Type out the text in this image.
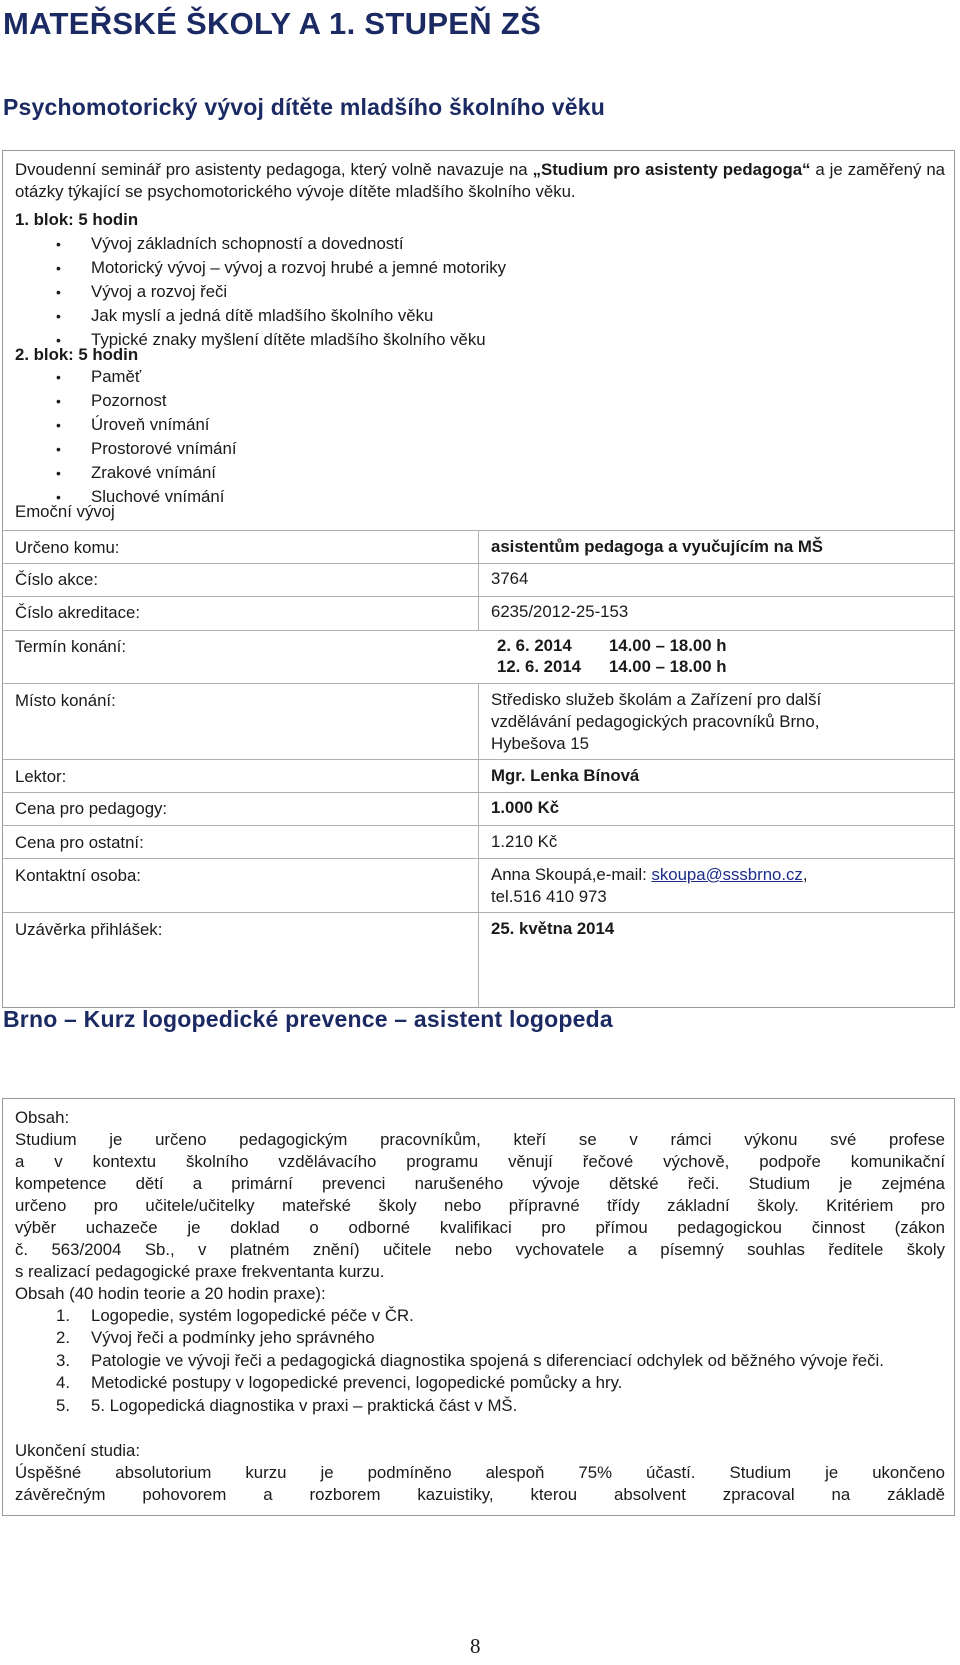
MATEŘSKÉ ŠKOLY A 1. STUPEŇ ZŠ
Psychomotorický vývoj dítěte mladšího školního věku

Dvoudenní seminář pro asistenty pedagoga, který volně navazuje na „Studium pro asistenty pedagoga“ a je zaměřený na otázky týkající se psychomotorického vývoje dítěte mladšího školního věku.

1. blok: 5 hodin
• Vývoj základních schopností a dovedností
• Motorický vývoj – vývoj a rozvoj hrubé a jemné motoriky
• Vývoj a rozvoj řeči
• Jak myslí a jedná dítě mladšího školního věku
• Typické znaky myšlení dítěte mladšího školního věku
2. blok: 5 hodin
• Paměť
• Pozornost
• Úroveň vnímání
• Prostorové vnímání
• Zrakové vnímání
• Sluchové vnímání
Emoční vývoj
Určeno komu:	asistentům pedagoga a vyučujícím na MŠ
Číslo akce:	3764
Číslo akreditace:	6235/2012-25-153
Termín konání:	2. 6. 2014        14.00 – 18.00 h
12. 6. 2014      14.00 – 18.00 h
Místo konání:	Středisko služeb školám a Zařízení pro další
vzdělávání pedagogických pracovníků Brno,
Hybešova 15
Lektor:	Mgr. Lenka Bínová
Cena pro pedagogy:	1.000 Kč
Cena pro ostatní:	1.210 Kč
Kontaktní osoba:	Anna Skoupá,e-mail: skoupa@sssbrno.cz,
tel.516 410 973
Uzávěrka přihlášek:	25. května 2014
Brno – Kurz logopedické prevence – asistent logopeda

Obsah:

Studium je určeno pedagogickým pracovníkům, kteří se v rámci výkonu své profese

a v kontextu školního vzdělávacího programu věnují řečové výchově, podpoře komunikační

kompetence dětí a primární prevenci narušeného vývoje dětské řeči. Studium je zejména

určeno pro učitele/učitelky mateřské školy nebo přípravné třídy základní školy. Kritériem pro

výběr uchazeče je doklad o odborné kvalifikaci pro přímou pedagogickou činnost (zákon

č. 563/2004 Sb., v platném znění) učitele nebo vychovatele a písemný souhlas ředitele školy

s realizací pedagogické praxe frekventanta kurzu.

Obsah (40 hodin teorie a 20 hodin praxe):

1. Logopedie, systém logopedické péče v ČR.
2. Vývoj řeči a podmínky jeho správného
3. Patologie ve vývoji řeči a pedagogická diagnostika spojená s diferenciací odchylek od běžného vývoje řeči.
4. Metodické postupy v logopedické prevenci, logopedické pomůcky a hry.
5. 5. Logopedická diagnostika v praxi – praktická část v MŠ.

Ukončení studia:

Úspěšné absolutorium kurzu je podmíněno alespoň 75% účastí. Studium je ukončeno

závěrečným pohovorem a rozborem kazuistiky, kterou absolvent zpracoval na základě

8
